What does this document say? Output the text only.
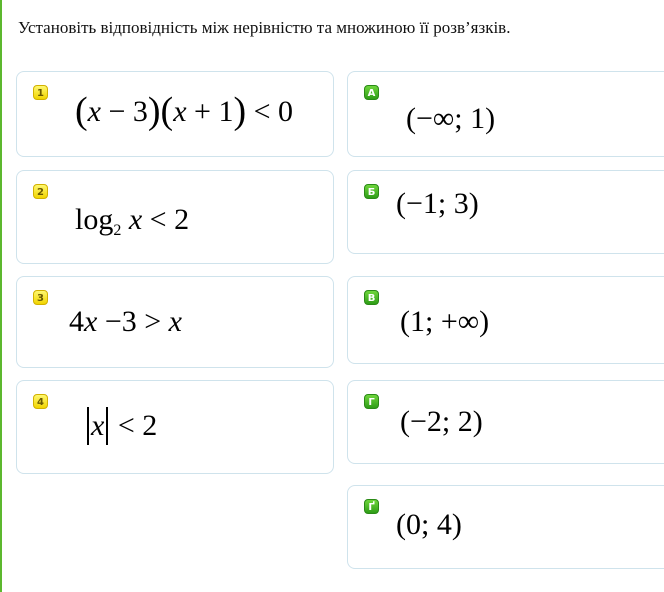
Установіть відповідність між нерівністю та множиною її розв’язків.
1 (x − 3)(x + 1) < 0
2
$\log_2 x < 2$
3
4x −3 > x
4
x < 2
А
(−∞; 1)
Б (−1; 3)
В
(1; +∞)
Г
(−2; 2)
Ґ
(0; 4)
